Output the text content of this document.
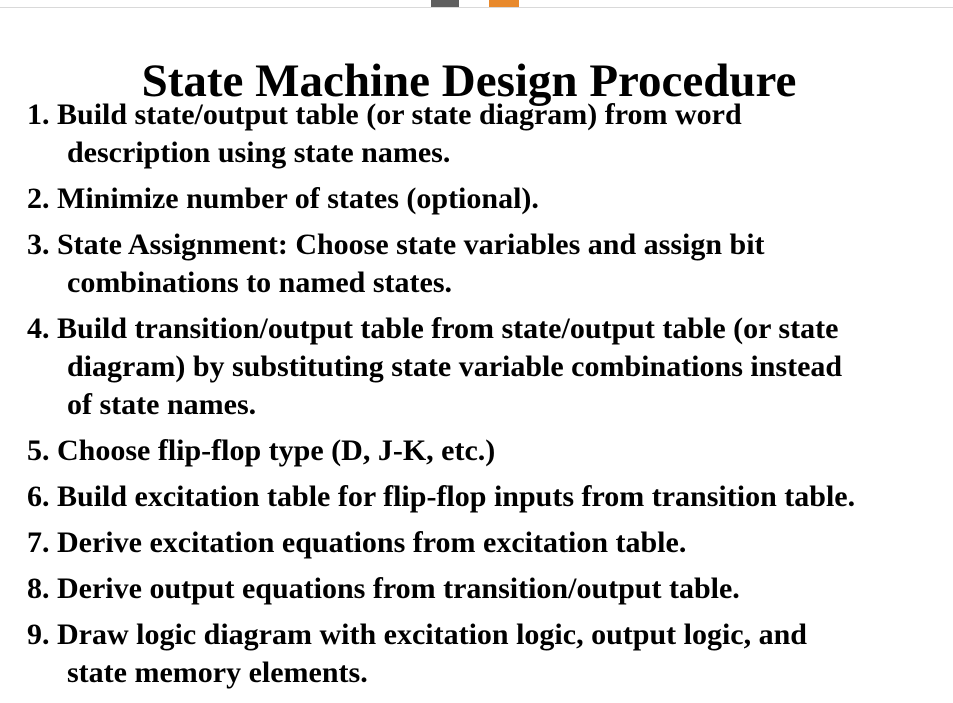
State Machine Design Procedure
1. Build state/output table (or state diagram) from word
description using state names.
2. Minimize number of states (optional).
3. State Assignment: Choose state variables and assign bit
combinations to named states.
4. Build transition/output table from state/output table (or state
diagram) by substituting state variable combinations instead
of state names.
5. Choose flip-flop type (D, J-K, etc.)
6. Build excitation table for flip-flop inputs from transition table.
7. Derive excitation equations from excitation table.
8. Derive output equations from transition/output table.
9. Draw logic diagram with excitation logic, output logic, and
state memory elements.
